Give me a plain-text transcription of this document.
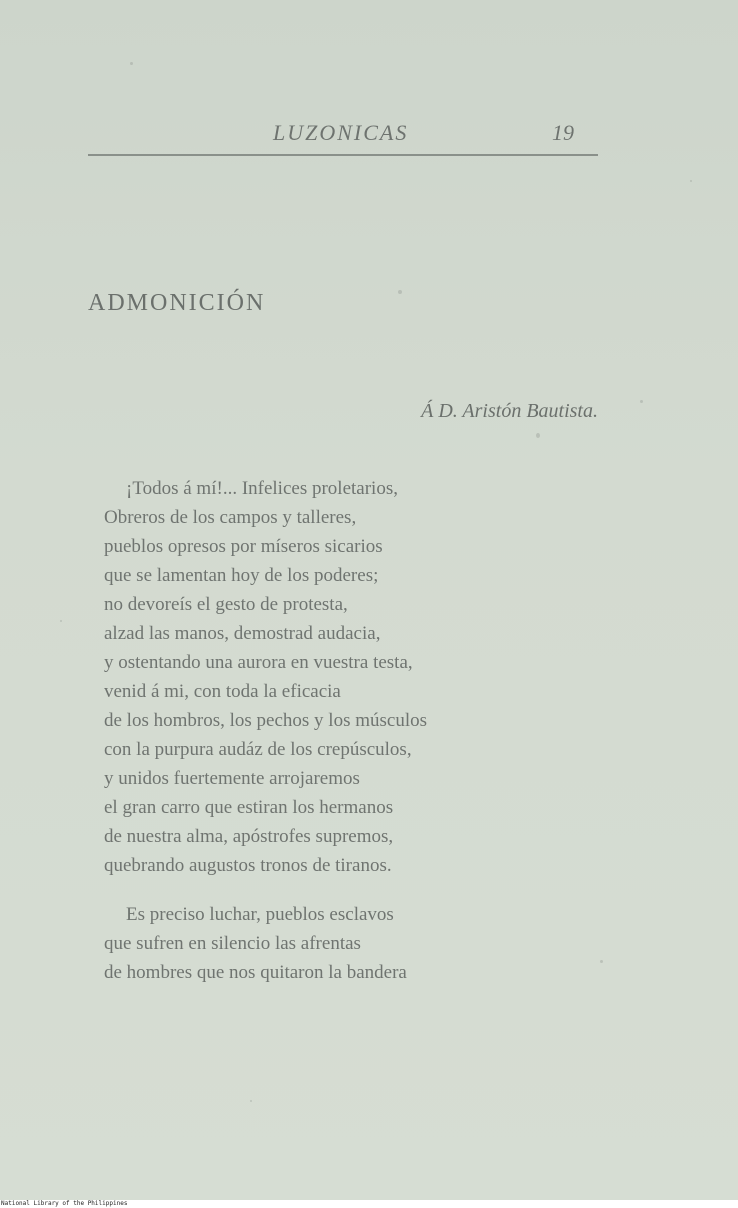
LUZONICAS	19
ADMONICIÓN
Á D. Aristón Bautista.
¡Todos á mí!... Infelices proletarios,
Obreros de los campos y talleres,
pueblos opresos por míseros sicarios
que se lamentan hoy de los poderes;
no devoreís el gesto de protesta,
alzad las manos, demostrad audacia,
y ostentando una aurora en vuestra testa,
venid á mi, con toda la eficacia
de los hombros, los pechos y los músculos
con la purpura audáz de los crepúsculos,
y unidos fuertemente arrojaremos
el gran carro que estiran los hermanos
de nuestra alma, apóstrofes supremos,
quebrando augustos tronos de tiranos.
Es preciso luchar, pueblos esclavos
que sufren en silencio las afrentas
de hombres que nos quitaron la bandera
National Library of the Philippines
